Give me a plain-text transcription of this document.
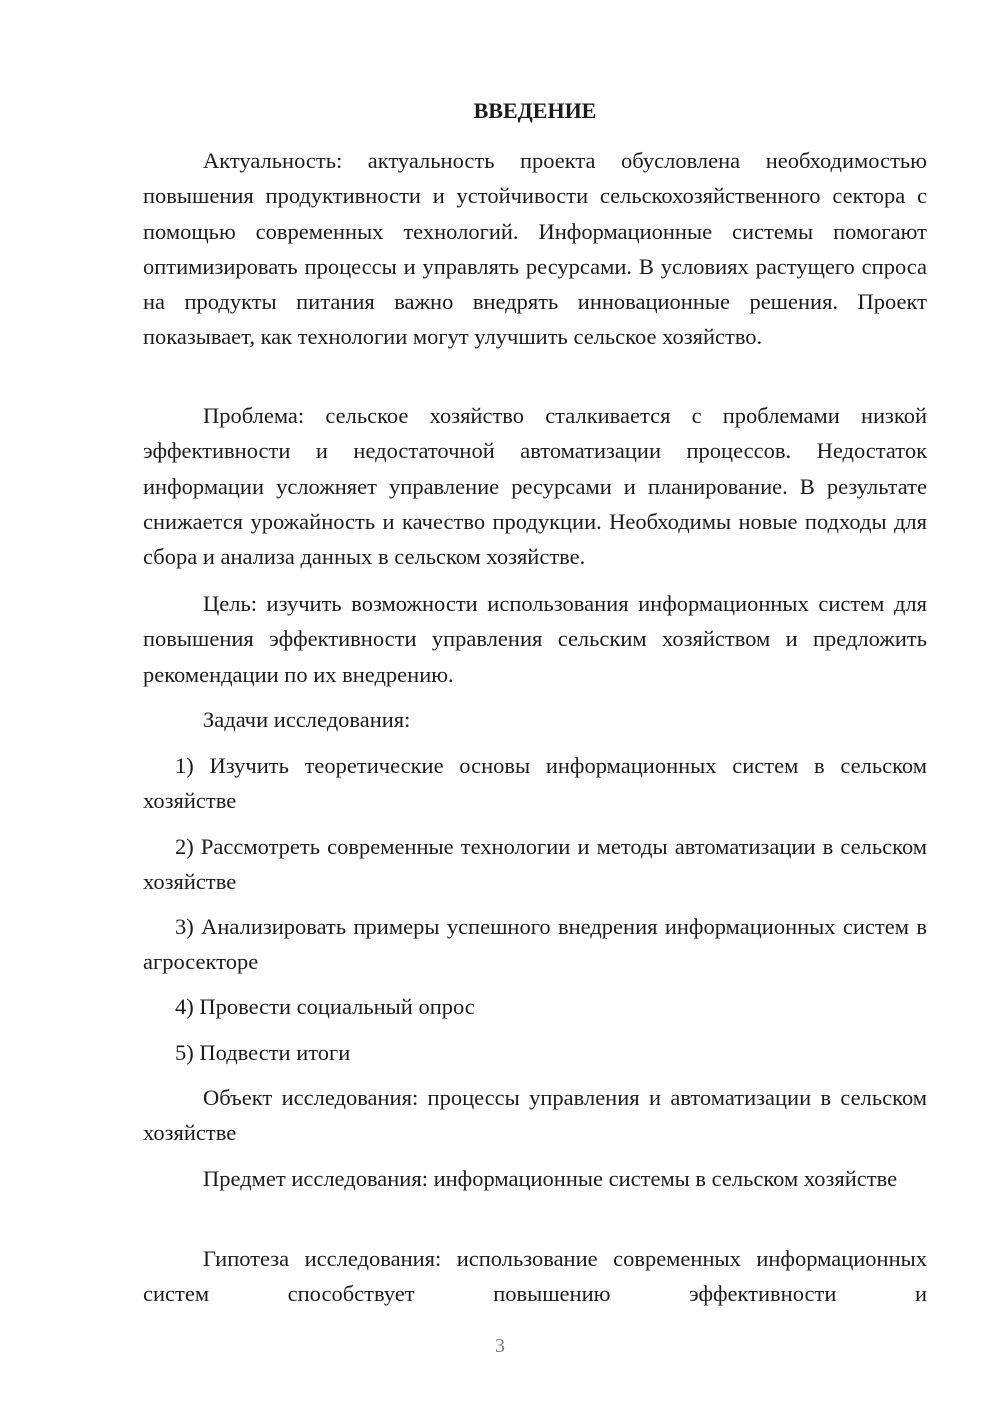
ВВЕДЕНИЕ

Актуальность: актуальность проекта обусловлена необходимостью повышения продуктивности и устойчивости сельскохозяйственного сектора с помощью современных технологий. Информационные системы помогают оптимизировать процессы и управлять ресурсами. В условиях растущего спроса на продукты питания важно внедрять инновационные решения. Проект показывает, как технологии могут улучшить сельское хозяйство.

Проблема: сельское хозяйство сталкивается с проблемами низкой эффективности и недостаточной автоматизации процессов. Недостаток информации усложняет управление ресурсами и планирование. В результате снижается урожайность и качество продукции. Необходимы новые подходы для сбора и анализа данных в сельском хозяйстве.

Цель: изучить возможности использования информационных систем для повышения эффективности управления сельским хозяйством и предложить рекомендации по их внедрению.

Задачи исследования:

1) Изучить теоретические основы информационных систем в сельском хозяйстве

2) Рассмотреть современные технологии и методы автоматизации в сельском хозяйстве

3) Анализировать примеры успешного внедрения информационных систем в агросекторе

4) Провести социальный опрос

5) Подвести итоги

Объект исследования: процессы управления и автоматизации в сельском хозяйстве

Предмет исследования: информационные системы в сельском хозяйстве

Гипотеза исследования: использование современных информационных систем способствует повышению эффективности и

3
